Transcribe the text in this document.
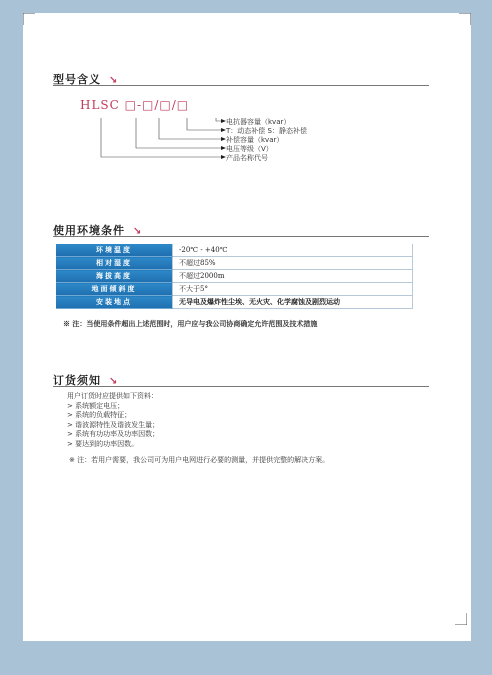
型号含义 ↘
HLSC □-□/□/□
电抗器容量（kvar）
T：动态补偿 S：静态补偿
补偿容量（kvar）
电压等级（V）
产品名称代号
使用环境条件 ↘
环境温度	-20℃ - +40℃
相对湿度	不超过85%
海拔高度	不超过2000m
地面倾斜度	不大于5°
安装地点	无导电及爆炸性尘埃、无火灾、化学腐蚀及剧烈运动
※ 注：当使用条件超出上述范围时，用户应与我公司协商确定允许范围及技术措施
订货须知 ↘
用户订货时应提供如下资料：
> 系统额定电压；
> 系统的负载特征；
> 谐波源特性及谐波发生量；
> 系统有功功率及功率因数；
> 要达到的功率因数。
※ 注：若用户需要，我公司可为用户电网进行必要的测量，并提供完整的解决方案。
